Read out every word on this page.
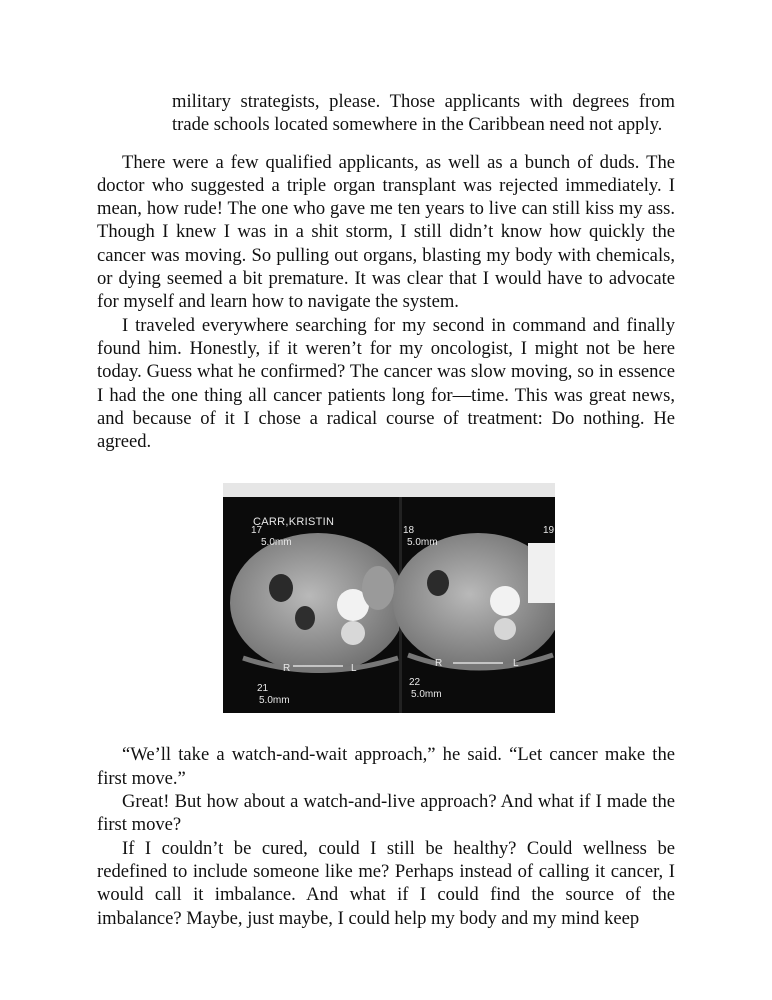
military strategists, please. Those applicants with degrees from trade schools located somewhere in the Caribbean need not apply.

There were a few qualified applicants, as well as a bunch of duds. The doctor who suggested a triple organ transplant was rejected immediately. I mean, how rude! The one who gave me ten years to live can still kiss my ass. Though I knew I was in a shit storm, I still didn’t know how quickly the cancer was moving. So pulling out organs, blasting my body with chemicals, or dying seemed a bit premature. It was clear that I would have to advocate for myself and learn how to navigate the system.

I traveled everywhere searching for my second in command and finally found him. Honestly, if it weren’t for my oncologist, I might not be here today. Guess what he confirmed? The cancer was slow moving, so in essence I had the one thing all cancer patients long for—time. This was great news, and because of it I chose a radical course of treatment: Do nothing. He agreed.

17
5.0mm
R	L
21
5.0mm
18
5.0mm
R	L
22
5.0mm
19
CARR,KRISTIN

“We’ll take a watch-and-wait approach,” he said. “Let cancer make the first move.”

Great! But how about a watch-and-live approach? And what if I made the first move?

If I couldn’t be cured, could I still be healthy? Could wellness be redefined to include someone like me? Perhaps instead of calling it cancer, I would call it imbalance. And what if I could find the source of the imbalance? Maybe, just maybe, I could help my body and my mind keep
